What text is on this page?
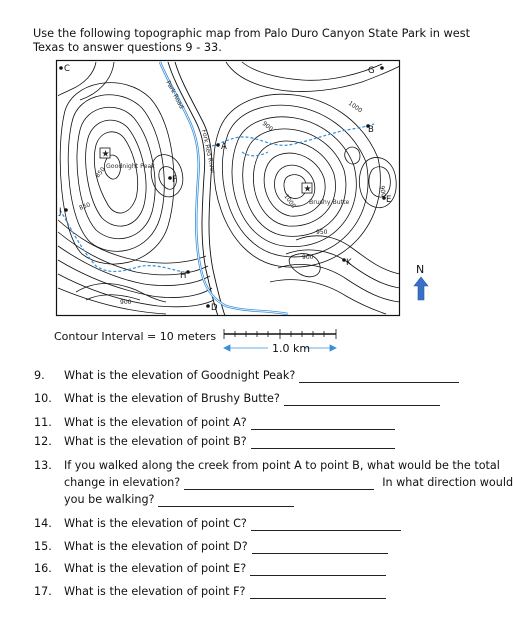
Use the following topographic map from Palo Duro Canyon State Park in west Texas to answer questions 9 - 33.
★
★
C	G
A
B
E
F
J
H
K
D
Goodnight Peak
Brushy Butte
Park Road
Fork Red River
1000
900
850
950
900
900
1000
850
900
N
Contour Interval = 10 meters
1.0 km
9. What is the elevation of Goodnight Peak?
10. What is the elevation of Brushy Butte?
11. What is the elevation of point A?
12. What is the elevation of point B?
13. If you walked along the creek from point A to point B, what would be the total
change in elevation?	In what direction would
you be walking?
14. What is the elevation of point C?
15. What is the elevation of point D?
16. What is the elevation of point E?
17. What is the elevation of point F?
